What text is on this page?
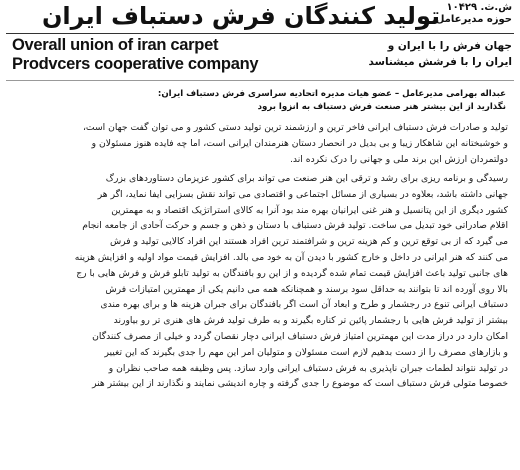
تولید کنندگان فرش دستباف ایران ش.ث. ۱۰۴۲۹
حوزه مدیرعامل
Overall union of iran carpet
Prodvcers cooperative company
جهان فرش را با ایران و
ایران را با فرشش میشناسد
عبداله بهرامی مدیرعامل – عضو هیات مدیره اتحادیه سراسری فرش دستباف ایران:
نگذارید از این بیشتر هنر صنعت فرش دستباف به انزوا برود
تولید و صادرات فرش دستباف ایرانی فاخر ترین و ارزشمند ترین تولید دستی کشور و می توان گفت جهان است،
و خوشبختانه این شاهکار زیبا و بی بدیل در انحصار دستان هنرمندان ایرانی است، اما چه فایده هنوز مسئولان و
دولتمردان ارزش این برند ملی و جهانی را درک نکرده اند.
رسیدگی و برنامه ریزی برای رشد و ترقی این هنر صنعت می تواند برای کشور عزیزمان دستاوردهای بزرگ
جهانی داشته باشد، بعلاوه در بسیاری از مسائل اجتماعی و اقتصادی می تواند نقش بسزایی ایفا نماید، اگر هر
کشور دیگری از این پتانسیل و هنر غنی ایرانیان بهره مند بود آنرا به کالای استراتژیک اقتصاد و به مهمترین
اقلام صادراتی خود تبدیل می ساخت. تولید فرش دستباف با دستان و ذهن و جسم و حرکت آحادی از جامعه انجام
می گیرد که از بی توقع ترین و کم هزینه ترین و شرافتمند ترین افراد هستند این افراد کالایی تولید و فرش
می کنند که هنر ایرانی در داخل و خارج کشور با دیدن آن به خود می بالد. افزایش قیمت مواد اولیه و افزایش هزینه
های جانبی تولید باعث افزایش قیمت تمام شده گردیده و از این رو بافندگان به تولید تابلو فرش و فرش هایی با رج
بالا روی آورده اند تا بتوانند به حداقل سود برسند و همچنانکه همه می دانیم یکی از مهمترین امتیازات فرش
دستباف ایرانی تنوع در رجشمار و طرح و ابعاد آن است اگر بافندگان برای جبران هزینه ها و برای بهره مندی
بیشتر از تولید فرش هایی با رجشمار پائین تر کناره بگیرند و به طرف تولید فرش های هنری تر رو بیاورند
امکان دارد در دراز مدت این مهمترین امتیاز فرش دستباف ایرانی دچار نقصان گردد و خیلی از مصرف کنندگان
و بازارهای مصرف را از دست بدهیم لازم است مسئولان و متولیان امر این مهم را جدی بگیرند که این تغییر
در تولید نتواند لطمات جبران ناپذیری به فرش دستباف ایرانی وارد سازد. پس وظیفه همه صاحب نظران و
خصوصا متولی فرش دستباف است که موضوع را جدی گرفته و چاره اندیشی نمایند و نگذارند از این بیشتر هنر
